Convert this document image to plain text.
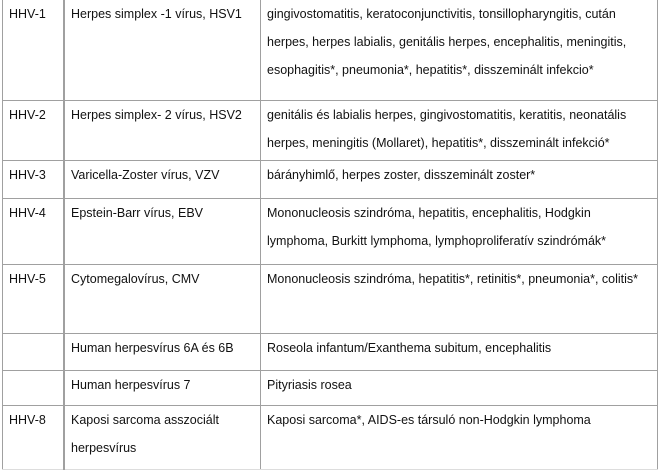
HHV-1	Herpes simplex -1 vírus, HSV1	gingivostomatitis, keratoconjunctivitis, tonsillopharyngitis, cután herpes, herpes labialis, genitális herpes, encephalitis, meningitis, esophagitis*, pneumonia*, hepatitis*, disszeminált infekcio*
HHV-2	Herpes simplex- 2 vírus, HSV2	genitális és labialis herpes, gingivostomatitis, keratitis, neonatális herpes, meningitis (Mollaret), hepatitis*, disszeminált infekció*
HHV-3	Varicella-Zoster vírus, VZV	bárányhimlő, herpes zoster, disszeminált zoster*
HHV-4	Epstein-Barr vírus, EBV	Mononucleosis szindróma, hepatitis, encephalitis, Hodgkin lymphoma, Burkitt lymphoma, lymphoproliferatív szindrómák*
HHV-5	Cytomegalovírus, CMV	Mononucleosis szindróma, hepatitis*, retinitis*, pneumonia*, colitis*
	Human herpesvírus 6A és 6B	Roseola infantum/Exanthema subitum, encephalitis
	Human herpesvírus 7	Pityriasis rosea
HHV-8	Kaposi sarcoma asszociált herpesvírus	Kaposi sarcoma*, AIDS-es társuló non-Hodgkin lymphoma
